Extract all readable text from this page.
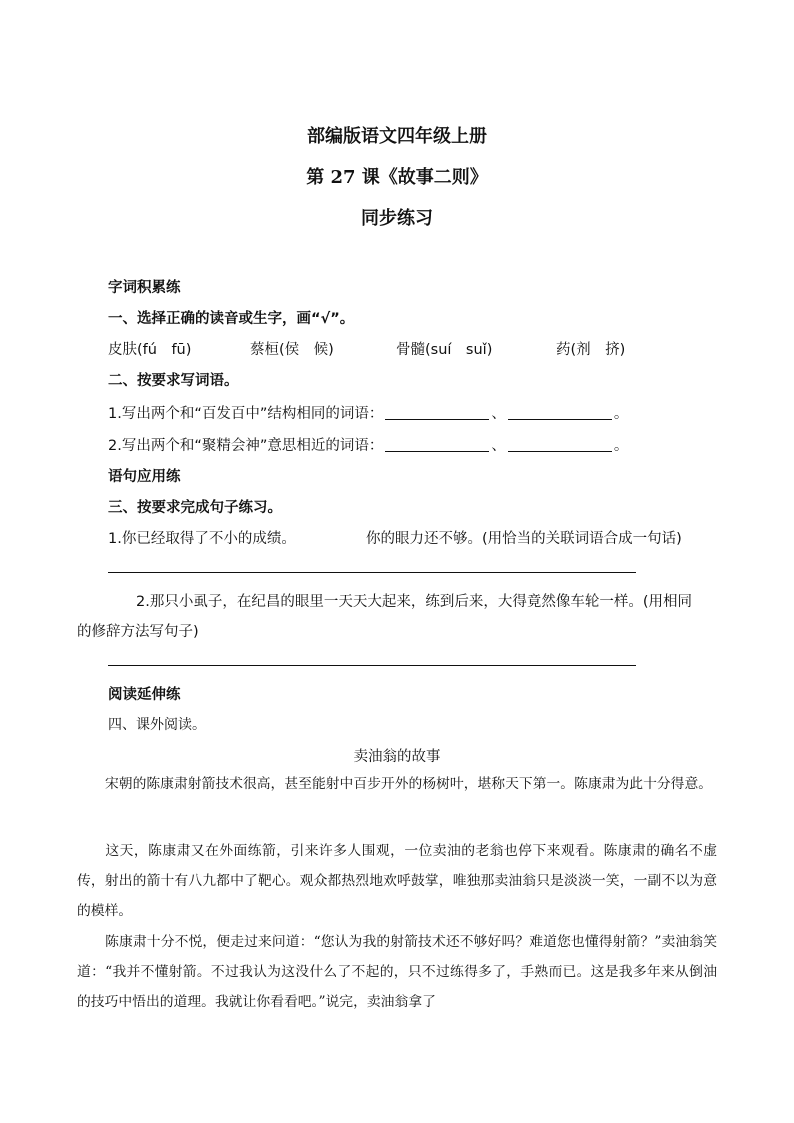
部编版语文四年级上册
第 27 课《故事二则》
同步练习
字词积累练
一、选择正确的读音或生字，画“√”。
皮肤(fú　fū)	蔡桓(侯　候)	骨髓(suí　suǐ)	药(剂　挤)
二、按要求写词语。
1.写出两个和“百发百中”结构相同的词语：	、	。
2.写出两个和“聚精会神”意思相近的词语：	、	。
语句应用练
三、按要求完成句子练习。
1.你已经取得了不小的成绩。	你的眼力还不够。(用恰当的关联词语合成一句话)
2.那只小虱子，在纪昌的眼里一天天大起来，练到后来，大得竟然像车轮一样。(用相同
的修辞方法写句子)
阅读延伸练
四、课外阅读。
卖油翁的故事
宋朝的陈康肃射箭技术很高，甚至能射中百步开外的杨树叶，堪称天下第一。陈康肃为此十分得意。
这天，陈康肃又在外面练箭，引来许多人围观，一位卖油的老翁也停下来观看。陈康肃的确名不虚传，射出的箭十有八九都中了靶心。观众都热烈地欢呼鼓掌，唯独那卖油翁只是淡淡一笑，一副不以为意的模样。
陈康肃十分不悦，便走过来问道：“您认为我的射箭技术还不够好吗？难道您也懂得射箭？”卖油翁笑道：“我并不懂射箭。不过我认为这没什么了不起的，只不过练得多了，手熟而已。这是我多年来从倒油的技巧中悟出的道理。我就让你看看吧。”说完，卖油翁拿了
